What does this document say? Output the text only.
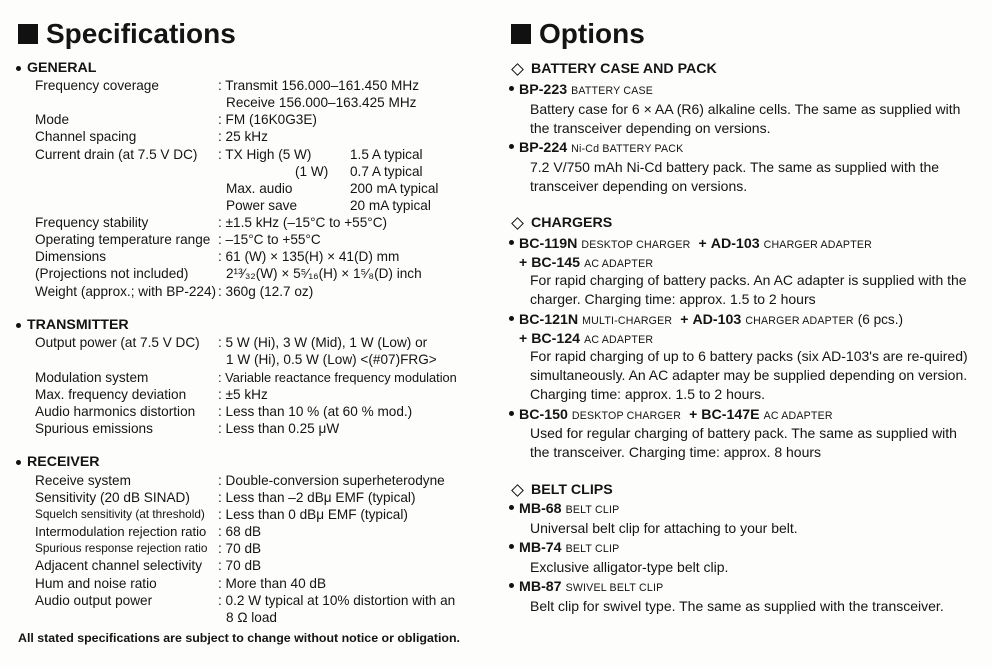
Specifications
GENERAL
Frequency coverage	: Transmit 156.000–161.450 MHz
Receive 156.000–163.425 MHz
Mode	: FM (16K0G3E)
Channel spacing	: 25 kHz
Current drain (at 7.5 V DC) : TX High (5 W)	1.5 A typical
(1 W) 0.7 A typical
Max. audio	200 mA typical
Power save	20 mA typical
Frequency stability	: ±1.5 kHz (–15°C to +55°C)
Operating temperature range : –15°C to +55°C
Dimensions	: 61 (W) × 135(H) × 41(D) mm
(Projections not included)	2¹³⁄₃₂(W) × 5⁵⁄₁₆(H) × 1⁵⁄₈(D) inch
Weight (approx.; with BP-224) : 360g (12.7 oz)
TRANSMITTER
Output power (at 7.5 V DC) : 5 W (Hi), 3 W (Mid), 1 W (Low) or
1 W (Hi), 0.5 W (Low) <(#07)FRG>
Modulation system	: Variable reactance frequency modulation
Max. frequency deviation : ±5 kHz
Audio harmonics distortion : Less than 10 % (at 60 % mod.)
Spurious emissions	: Less than 0.25 μW
RECEIVER
Receive system	: Double-conversion superheterodyne
Sensitivity (20 dB SINAD) : Less than –2 dBμ EMF (typical)
Squelch sensitivity (at threshold) : Less than 0 dBμ EMF (typical)
Intermodulation rejection ratio : 68 dB
Spurious response rejection ratio : 70 dB
Adjacent channel selectivity : 70 dB
Hum and noise ratio	: More than 40 dB
Audio output power	: 0.2 W typical at 10% distortion with an
8 Ω load
All stated specifications are subject to change without notice or obligation.
Options
BATTERY CASE AND PACK
BP-223 BATTERY CASE
Battery case for 6 × AA (R6) alkaline cells. The same as supplied with the transceiver depending on versions.
BP-224 Ni-Cd BATTERY PACK
7.2 V/750 mAh Ni-Cd battery pack. The same as supplied with the transceiver depending on versions.
CHARGERS
BC-119N DESKTOP CHARGER + AD-103 CHARGER ADAPTER
+ BC-145 AC ADAPTER
For rapid charging of battery packs. An AC adapter is supplied with the charger. Charging time: approx. 1.5 to 2 hours
BC-121N MULTI-CHARGER + AD-103 CHARGER ADAPTER (6 pcs.)
+ BC-124 AC ADAPTER
For rapid charging of up to 6 battery packs (six AD-103's are re-quired) simultaneously. An AC adapter may be supplied depending on version. Charging time: approx. 1.5 to 2 hours.
BC-150 DESKTOP CHARGER + BC-147E AC ADAPTER
Used for regular charging of battery pack. The same as supplied with the transceiver. Charging time: approx. 8 hours
BELT CLIPS
MB-68 BELT CLIP
Universal belt clip for attaching to your belt.
MB-74 BELT CLIP
Exclusive alligator-type belt clip.
MB-87 SWIVEL BELT CLIP
Belt clip for swivel type. The same as supplied with the transceiver.
